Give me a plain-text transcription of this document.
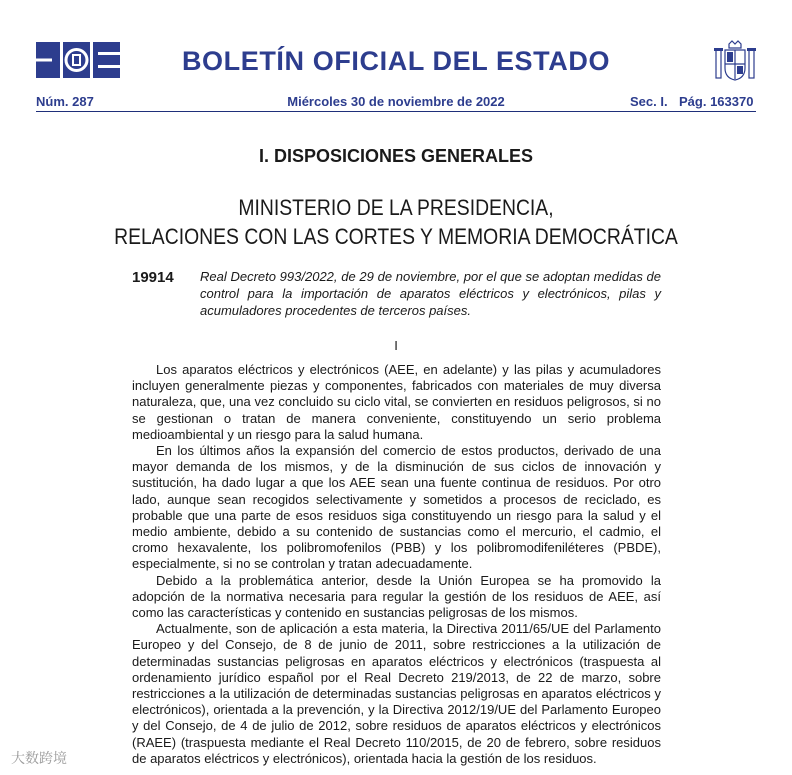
BOLETÍN OFICIAL DEL ESTADO
Núm. 287	Miércoles 30 de noviembre de 2022	Sec. I. Pág. 163370
I. DISPOSICIONES GENERALES
MINISTERIO DE LA PRESIDENCIA,
RELACIONES CON LAS CORTES Y MEMORIA DEMOCRÁTICA
19914 Real Decreto 993/2022, de 29 de noviembre, por el que se adoptan medidas de control para la importación de aparatos eléctricos y electrónicos, pilas y acumuladores procedentes de terceros países.
I

Los aparatos eléctricos y electrónicos (AEE, en adelante) y las pilas y acumuladores incluyen generalmente piezas y componentes, fabricados con materiales de muy diversa naturaleza, que, una vez concluido su ciclo vital, se convierten en residuos peligrosos, si no se gestionan o tratan de manera conveniente, constituyendo un serio problema medioambiental y un riesgo para la salud humana.

En los últimos años la expansión del comercio de estos productos, derivado de una mayor demanda de los mismos, y de la disminución de sus ciclos de innovación y sustitución, ha dado lugar a que los AEE sean una fuente continua de residuos. Por otro lado, aunque sean recogidos selectivamente y sometidos a procesos de reciclado, es probable que una parte de esos residuos siga constituyendo un riesgo para la salud y el medio ambiente, debido a su contenido de sustancias como el mercurio, el cadmio, el cromo hexavalente, los polibromofenilos (PBB) y los polibromodifeniléteres (PBDE), especialmente, si no se controlan y tratan adecuadamente.

Debido a la problemática anterior, desde la Unión Europea se ha promovido la adopción de la normativa necesaria para regular la gestión de los residuos de AEE, así como las características y contenido en sustancias peligrosas de los mismos.

Actualmente, son de aplicación a esta materia, la Directiva 2011/65/UE del Parlamento Europeo y del Consejo, de 8 de junio de 2011, sobre restricciones a la utilización de determinadas sustancias peligrosas en aparatos eléctricos y electrónicos (traspuesta al ordenamiento jurídico español por el Real Decreto 219/2013, de 22 de marzo, sobre restricciones a la utilización de determinadas sustancias peligrosas en aparatos eléctricos y electrónicos), orientada a la prevención, y la Directiva 2012/19/UE del Parlamento Europeo y del Consejo, de 4 de julio de 2012, sobre residuos de aparatos eléctricos y electrónicos (RAEE) (traspuesta mediante el Real Decreto 110/2015, de 20 de febrero, sobre residuos de aparatos eléctricos y electrónicos), orientada hacia la gestión de los residuos.

大数跨境
